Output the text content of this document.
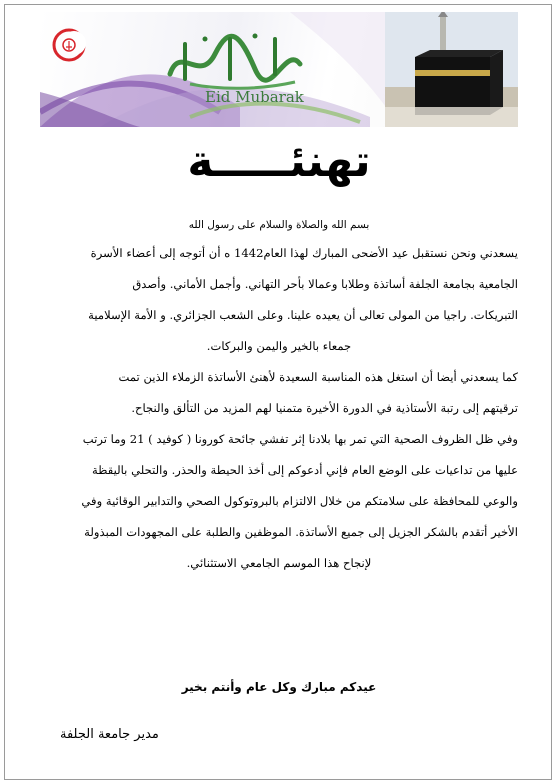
Eid Mubarak
تهنئـــــة
بسم الله والصلاة والسلام على رسول الله
يسعدني ونحن نستقبل عيد الأضحى المبارك لهذا العام1442 ه أن أتوجه إلى أعضاء الأسرة
الجامعية بجامعة الجلفة أساتذة وطلابا وعمالا بأحر التهاني. وأجمل الأماني. وأصدق
التبريكات. راجيا من المولى تعالى أن يعيده علينا. وعلى الشعب الجزائري. و الأمة الإسلامية
جمعاء بالخير واليمن والبركات.
كما يسعدني أيضا أن استغل هذه المناسبة السعيدة لأهنئ الأساتذة الزملاء الذين تمت
ترقيتهم إلى رتبة الأستاذية في الدورة الأخيرة متمنيا لهم المزيد من التألق والنجاح.
وفي ظل الظروف الصحية التي تمر بها بلادنا إثر تفشي جائحة كورونا ( كوفيد ) 21 وما ترتب
عليها من تداعيات على الوضع العام فإني أدعوكم إلى أخذ الحيطة والحذر. والتحلي باليقظة
والوعي للمحافظة على سلامتكم من خلال الالتزام بالبروتوكول الصحي والتدابير الوقائية وفي
الأخير أتقدم بالشكر الجزيل إلى جميع الأساتذة. الموظفين والطلبة على المجهودات المبذولة
لإنجاح هذا الموسم الجامعي الاستثنائي.
عيدكم مبارك وكل عام وأنتم بخير
مدير جامعة الجلفة
